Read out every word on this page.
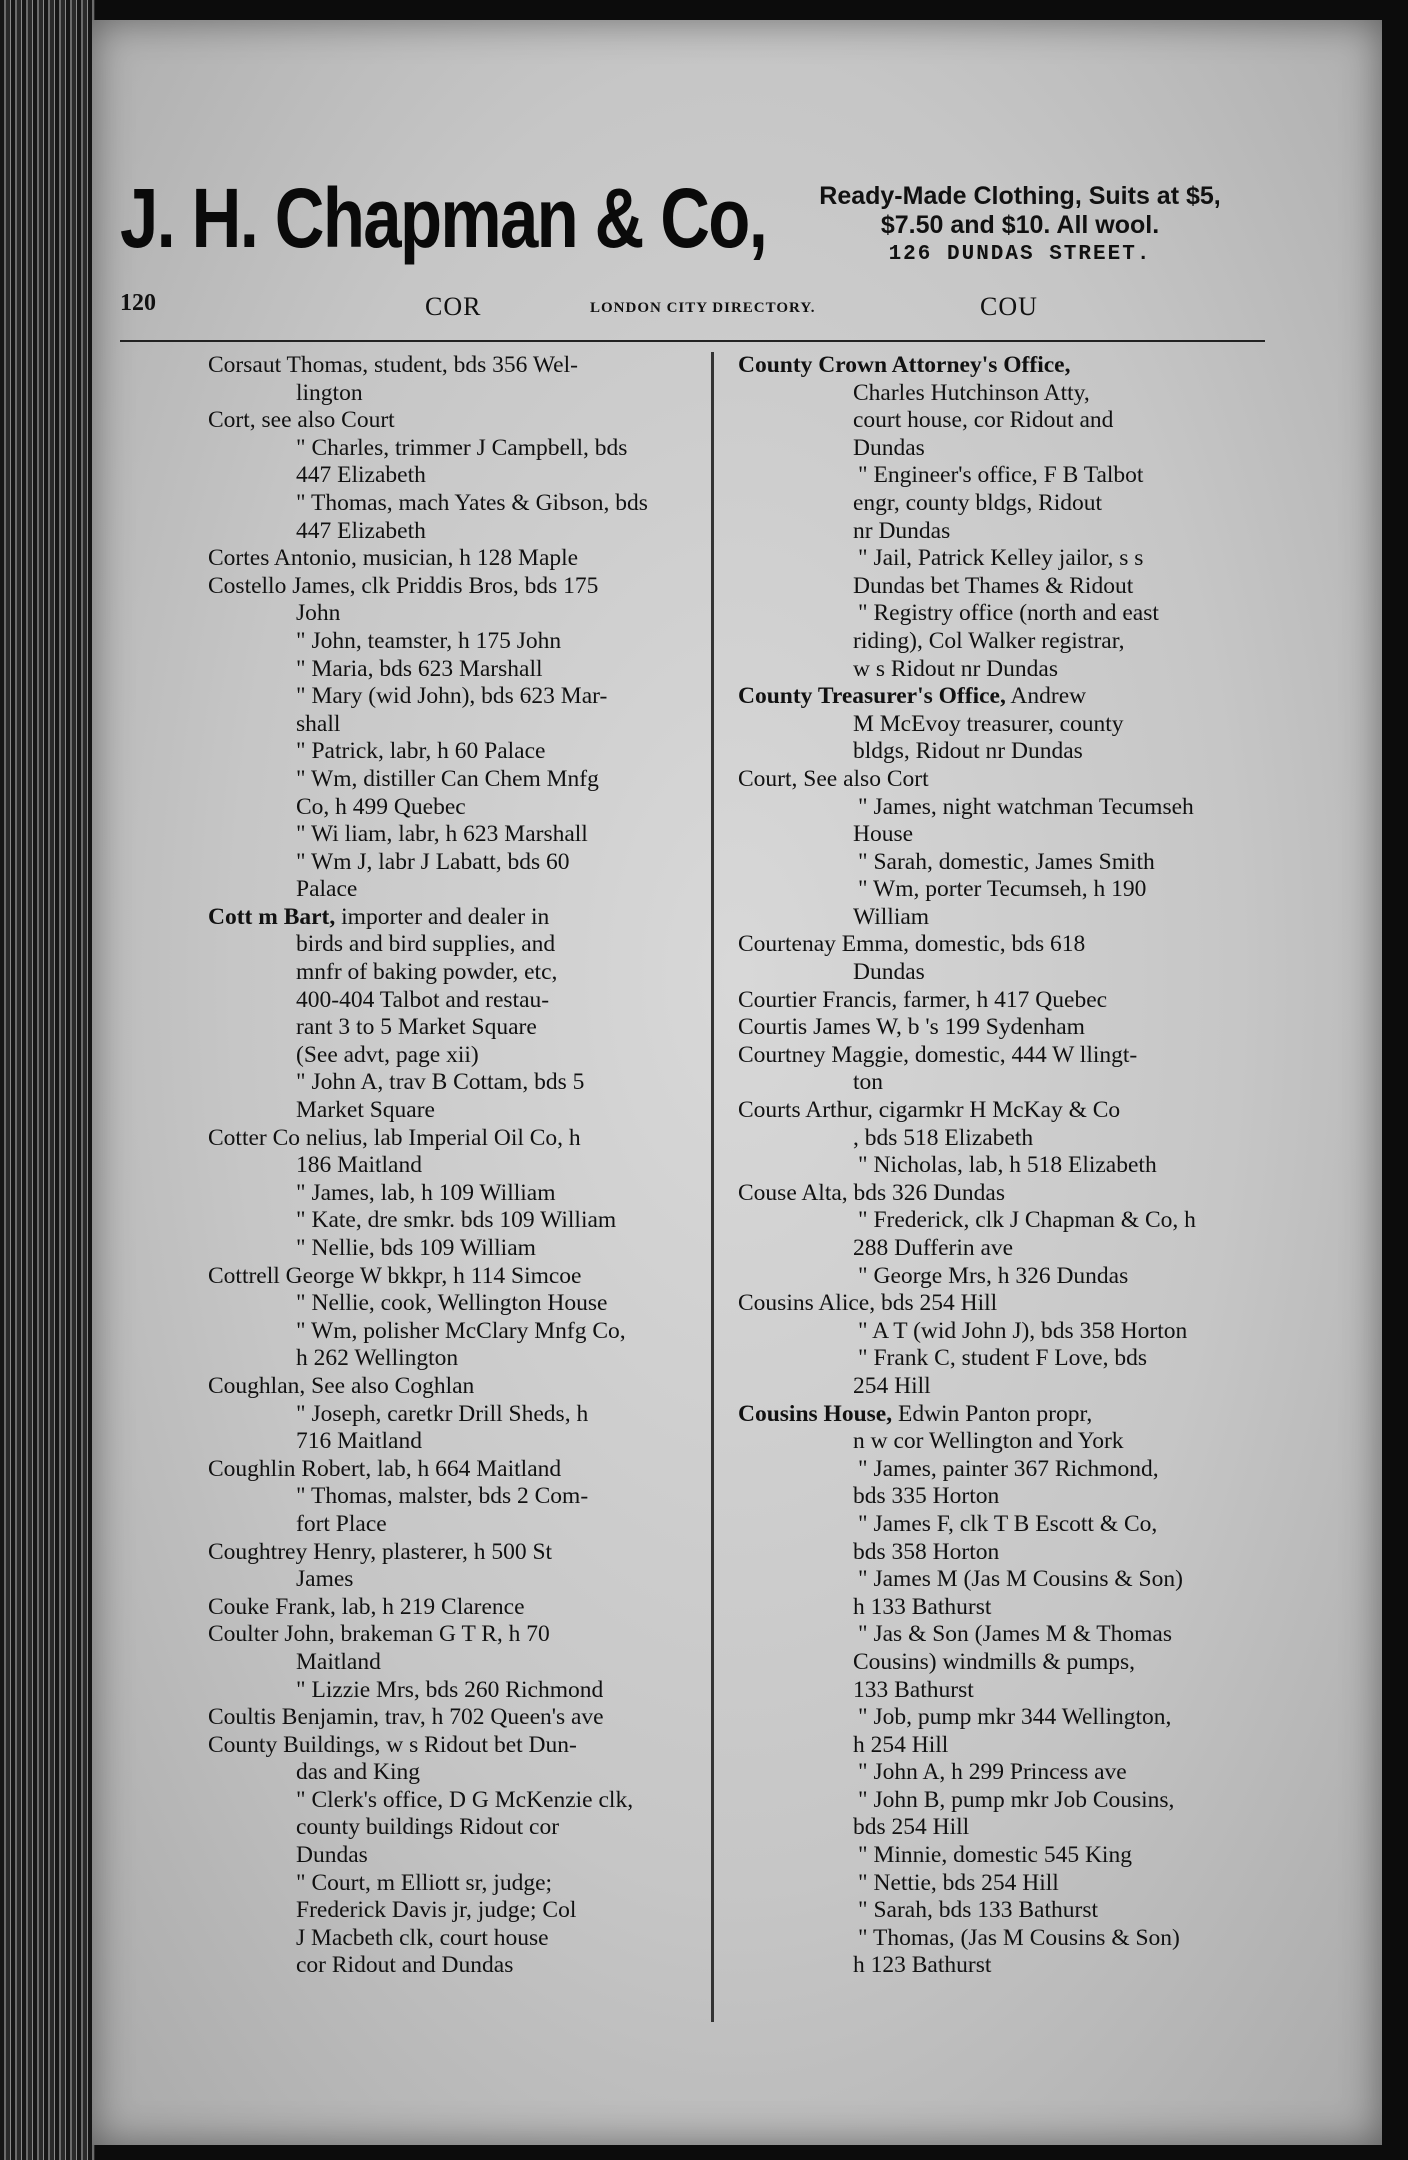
J. H. Chapman & Co,	Ready-Made Clothing, Suits at $5,
$7.50 and $10. All wool.

126 DUNDAS STREET.
120	COR	LONDON CITY DIRECTORY.	COU

Corsaut Thomas, student, bds 356 Wel-

lington

Cort, see also Court

" Charles, trimmer J Campbell, bds

447 Elizabeth

" Thomas, mach Yates & Gibson, bds

447 Elizabeth

Cortes Antonio, musician, h 128 Maple

Costello James, clk Priddis Bros, bds 175

John

" John, teamster, h 175 John

" Maria, bds 623 Marshall

" Mary (wid John), bds 623 Mar-

shall

" Patrick, labr, h 60 Palace

" Wm, distiller Can Chem Mnfg

Co, h 499 Quebec

" Wi liam, labr, h 623 Marshall

" Wm J, labr J Labatt, bds 60

Palace

Cott m Bart, importer and dealer in

birds and bird supplies, and

mnfr of baking powder, etc,

400-404 Talbot and restau-

rant 3 to 5 Market Square

(See advt, page xii)

" John A, trav B Cottam, bds 5

Market Square

Cotter Co nelius, lab Imperial Oil Co, h

186 Maitland

" James, lab, h 109 William

" Kate, dre smkr. bds 109 William

" Nellie, bds 109 William

Cottrell George W bkkpr, h 114 Simcoe

" Nellie, cook, Wellington House

" Wm, polisher McClary Mnfg Co,

h 262 Wellington

Coughlan, See also Coghlan

" Joseph, caretkr Drill Sheds, h

716 Maitland

Coughlin Robert, lab, h 664 Maitland

" Thomas, malster, bds 2 Com-

fort Place

Coughtrey Henry, plasterer, h 500 St

James

Couke Frank, lab, h 219 Clarence

Coulter John, brakeman G T R, h 70

Maitland

" Lizzie Mrs, bds 260 Richmond

Coultis Benjamin, trav, h 702 Queen's ave

County Buildings, w s Ridout bet Dun-

das and King

" Clerk's office, D G McKenzie clk,

county buildings Ridout cor

Dundas

" Court, m Elliott sr, judge;

Frederick Davis jr, judge; Col

J Macbeth clk, court house

cor Ridout and Dundas

County Crown Attorney's Office,

Charles Hutchinson Atty,

court house, cor Ridout and

Dundas

" Engineer's office, F B Talbot

engr, county bldgs, Ridout

nr Dundas

" Jail, Patrick Kelley jailor, s s

Dundas bet Thames & Ridout

" Registry office (north and east

riding), Col Walker registrar,

w s Ridout nr Dundas

County Treasurer's Office, Andrew

M McEvoy treasurer, county

bldgs, Ridout nr Dundas

Court, See also Cort

" James, night watchman Tecumseh

House

" Sarah, domestic, James Smith

" Wm, porter Tecumseh, h 190

William

Courtenay Emma, domestic, bds 618

Dundas

Courtier Francis, farmer, h 417 Quebec

Courtis James W, b 's 199 Sydenham

Courtney Maggie, domestic, 444 W llingt-

ton

Courts Arthur, cigarmkr H McKay & Co

, bds 518 Elizabeth

" Nicholas, lab, h 518 Elizabeth

Couse Alta, bds 326 Dundas

" Frederick, clk J Chapman & Co, h

288 Dufferin ave

" George Mrs, h 326 Dundas

Cousins Alice, bds 254 Hill

" A T (wid John J), bds 358 Horton

" Frank C, student F Love, bds

254 Hill

Cousins House, Edwin Panton propr,

n w cor Wellington and York

" James, painter 367 Richmond,

bds 335 Horton

" James F, clk T B Escott & Co,

bds 358 Horton

" James M (Jas M Cousins & Son)

h 133 Bathurst

" Jas & Son (James M & Thomas

Cousins) windmills & pumps,

133 Bathurst

" Job, pump mkr 344 Wellington,

h 254 Hill

" John A, h 299 Princess ave

" John B, pump mkr Job Cousins,

bds 254 Hill

" Minnie, domestic 545 King

" Nettie, bds 254 Hill

" Sarah, bds 133 Bathurst

" Thomas, (Jas M Cousins & Son)

h 123 Bathurst
